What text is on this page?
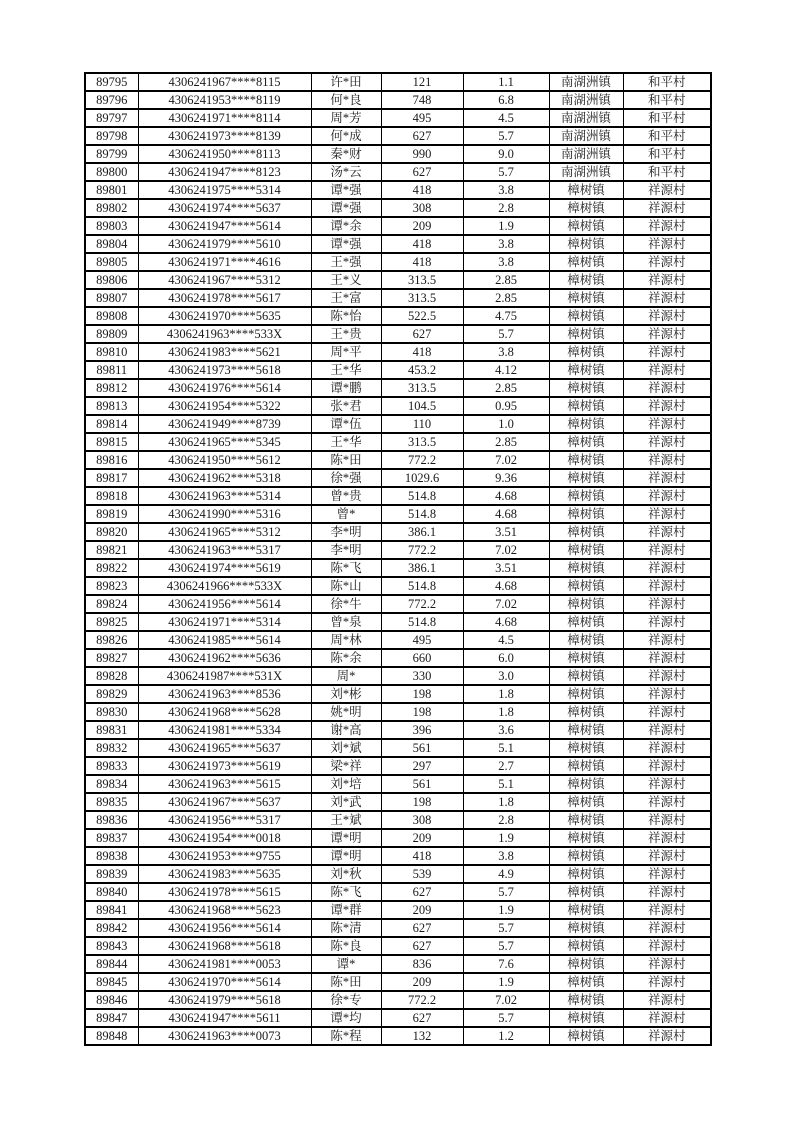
89795	4306241967****8115	许*田	121	1.1	南湖洲镇	和平村
89796	4306241953****8119	何*良	748	6.8	南湖洲镇	和平村
89797	4306241971****8114	周*芳	495	4.5	南湖洲镇	和平村
89798	4306241973****8139	何*成	627	5.7	南湖洲镇	和平村
89799	4306241950****8113	秦*财	990	9.0	南湖洲镇	和平村
89800	4306241947****8123	汤*云	627	5.7	南湖洲镇	和平村
89801	4306241975****5314	谭*强	418	3.8	樟树镇	祥源村
89802	4306241974****5637	谭*强	308	2.8	樟树镇	祥源村
89803	4306241947****5614	谭*余	209	1.9	樟树镇	祥源村
89804	4306241979****5610	谭*强	418	3.8	樟树镇	祥源村
89805	4306241971****4616	王*强	418	3.8	樟树镇	祥源村
89806	4306241967****5312	王*义	313.5	2.85	樟树镇	祥源村
89807	4306241978****5617	王*富	313.5	2.85	樟树镇	祥源村
89808	4306241970****5635	陈*怡	522.5	4.75	樟树镇	祥源村
89809	4306241963****533X	王*贵	627	5.7	樟树镇	祥源村
89810	4306241983****5621	周*平	418	3.8	樟树镇	祥源村
89811	4306241973****5618	王*华	453.2	4.12	樟树镇	祥源村
89812	4306241976****5614	谭*鹏	313.5	2.85	樟树镇	祥源村
89813	4306241954****5322	张*君	104.5	0.95	樟树镇	祥源村
89814	4306241949****8739	谭*伍	110	1.0	樟树镇	祥源村
89815	4306241965****5345	王*华	313.5	2.85	樟树镇	祥源村
89816	4306241950****5612	陈*田	772.2	7.02	樟树镇	祥源村
89817	4306241962****5318	徐*强	1029.6	9.36	樟树镇	祥源村
89818	4306241963****5314	曾*贵	514.8	4.68	樟树镇	祥源村
89819	4306241990****5316	曾*	514.8	4.68	樟树镇	祥源村
89820	4306241965****5312	李*明	386.1	3.51	樟树镇	祥源村
89821	4306241963****5317	李*明	772.2	7.02	樟树镇	祥源村
89822	4306241974****5619	陈*飞	386.1	3.51	樟树镇	祥源村
89823	4306241966****533X	陈*山	514.8	4.68	樟树镇	祥源村
89824	4306241956****5614	徐*牛	772.2	7.02	樟树镇	祥源村
89825	4306241971****5314	曾*泉	514.8	4.68	樟树镇	祥源村
89826	4306241985****5614	周*林	495	4.5	樟树镇	祥源村
89827	4306241962****5636	陈*余	660	6.0	樟树镇	祥源村
89828	4306241987****531X	周*	330	3.0	樟树镇	祥源村
89829	4306241963****8536	刘*彬	198	1.8	樟树镇	祥源村
89830	4306241968****5628	姚*明	198	1.8	樟树镇	祥源村
89831	4306241981****5334	谢*高	396	3.6	樟树镇	祥源村
89832	4306241965****5637	刘*斌	561	5.1	樟树镇	祥源村
89833	4306241973****5619	梁*祥	297	2.7	樟树镇	祥源村
89834	4306241963****5615	刘*培	561	5.1	樟树镇	祥源村
89835	4306241967****5637	刘*武	198	1.8	樟树镇	祥源村
89836	4306241956****5317	王*斌	308	2.8	樟树镇	祥源村
89837	4306241954****0018	谭*明	209	1.9	樟树镇	祥源村
89838	4306241953****9755	谭*明	418	3.8	樟树镇	祥源村
89839	4306241983****5635	刘*秋	539	4.9	樟树镇	祥源村
89840	4306241978****5615	陈*飞	627	5.7	樟树镇	祥源村
89841	4306241968****5623	谭*群	209	1.9	樟树镇	祥源村
89842	4306241956****5614	陈*清	627	5.7	樟树镇	祥源村
89843	4306241968****5618	陈*良	627	5.7	樟树镇	祥源村
89844	4306241981****0053	谭*	836	7.6	樟树镇	祥源村
89845	4306241970****5614	陈*田	209	1.9	樟树镇	祥源村
89846	4306241979****5618	徐*专	772.2	7.02	樟树镇	祥源村
89847	4306241947****5611	谭*均	627	5.7	樟树镇	祥源村
89848	4306241963****0073	陈*程	132	1.2	樟树镇	祥源村
